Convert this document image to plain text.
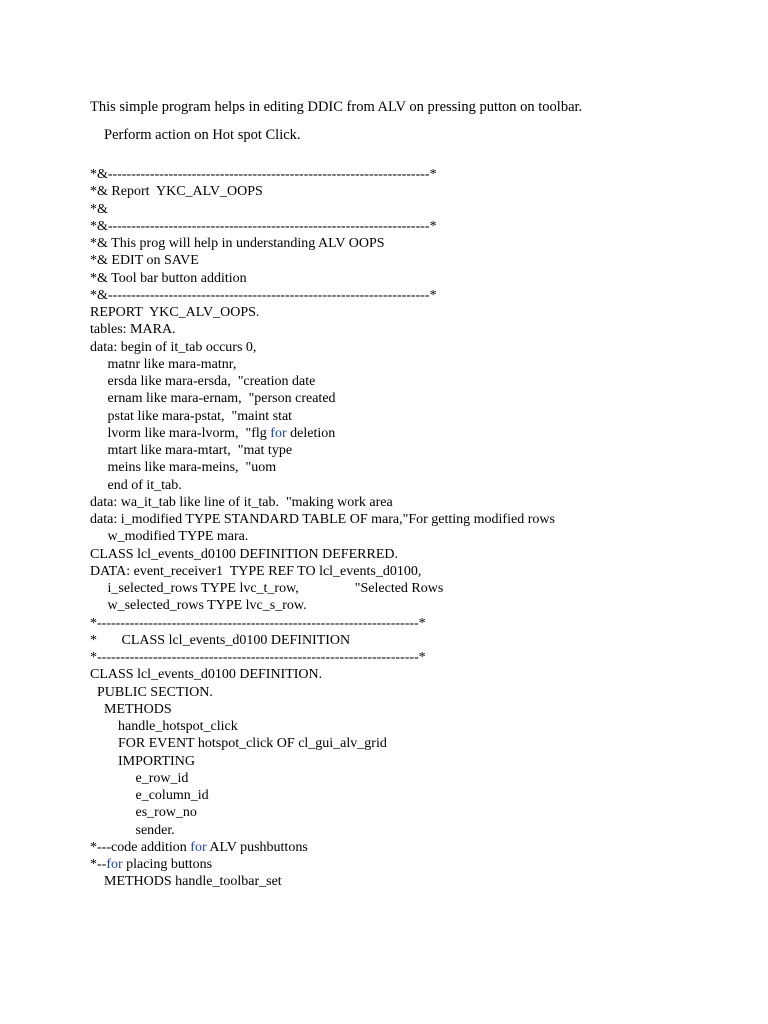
This simple program helps in editing DDIC from ALV on pressing putton on toolbar.

Perform action on Hot spot Click.

*&---------------------------------------------------------------------*
*& Report  YKC_ALV_OOPS
*&
*&---------------------------------------------------------------------*
*& This prog will help in understanding ALV OOPS
*& EDIT on SAVE
*& Tool bar button addition
*&---------------------------------------------------------------------*
REPORT  YKC_ALV_OOPS.
tables: MARA.
data: begin of it_tab occurs 0,
matnr like mara-matnr,
ersda like mara-ersda,  "creation date
ernam like mara-ernam,  "person created
pstat like mara-pstat,  "maint stat
lvorm like mara-lvorm,  "flg for deletion
mtart like mara-mtart,  "mat type
meins like mara-meins,  "uom
end of it_tab.
data: wa_it_tab like line of it_tab.  "making work area
data: i_modified TYPE STANDARD TABLE OF mara,"For getting modified rows
w_modified TYPE mara.
CLASS lcl_events_d0100 DEFINITION DEFERRED.
DATA: event_receiver1  TYPE REF TO lcl_events_d0100,
i_selected_rows TYPE lvc_t_row,                "Selected Rows
w_selected_rows TYPE lvc_s_row.
*---------------------------------------------------------------------*
*       CLASS lcl_events_d0100 DEFINITION
*---------------------------------------------------------------------*
CLASS lcl_events_d0100 DEFINITION.
PUBLIC SECTION.
METHODS
handle_hotspot_click
FOR EVENT hotspot_click OF cl_gui_alv_grid
IMPORTING
e_row_id
e_column_id
es_row_no
sender.
*---code addition for ALV pushbuttons
*--for placing buttons
METHODS handle_toolbar_set
